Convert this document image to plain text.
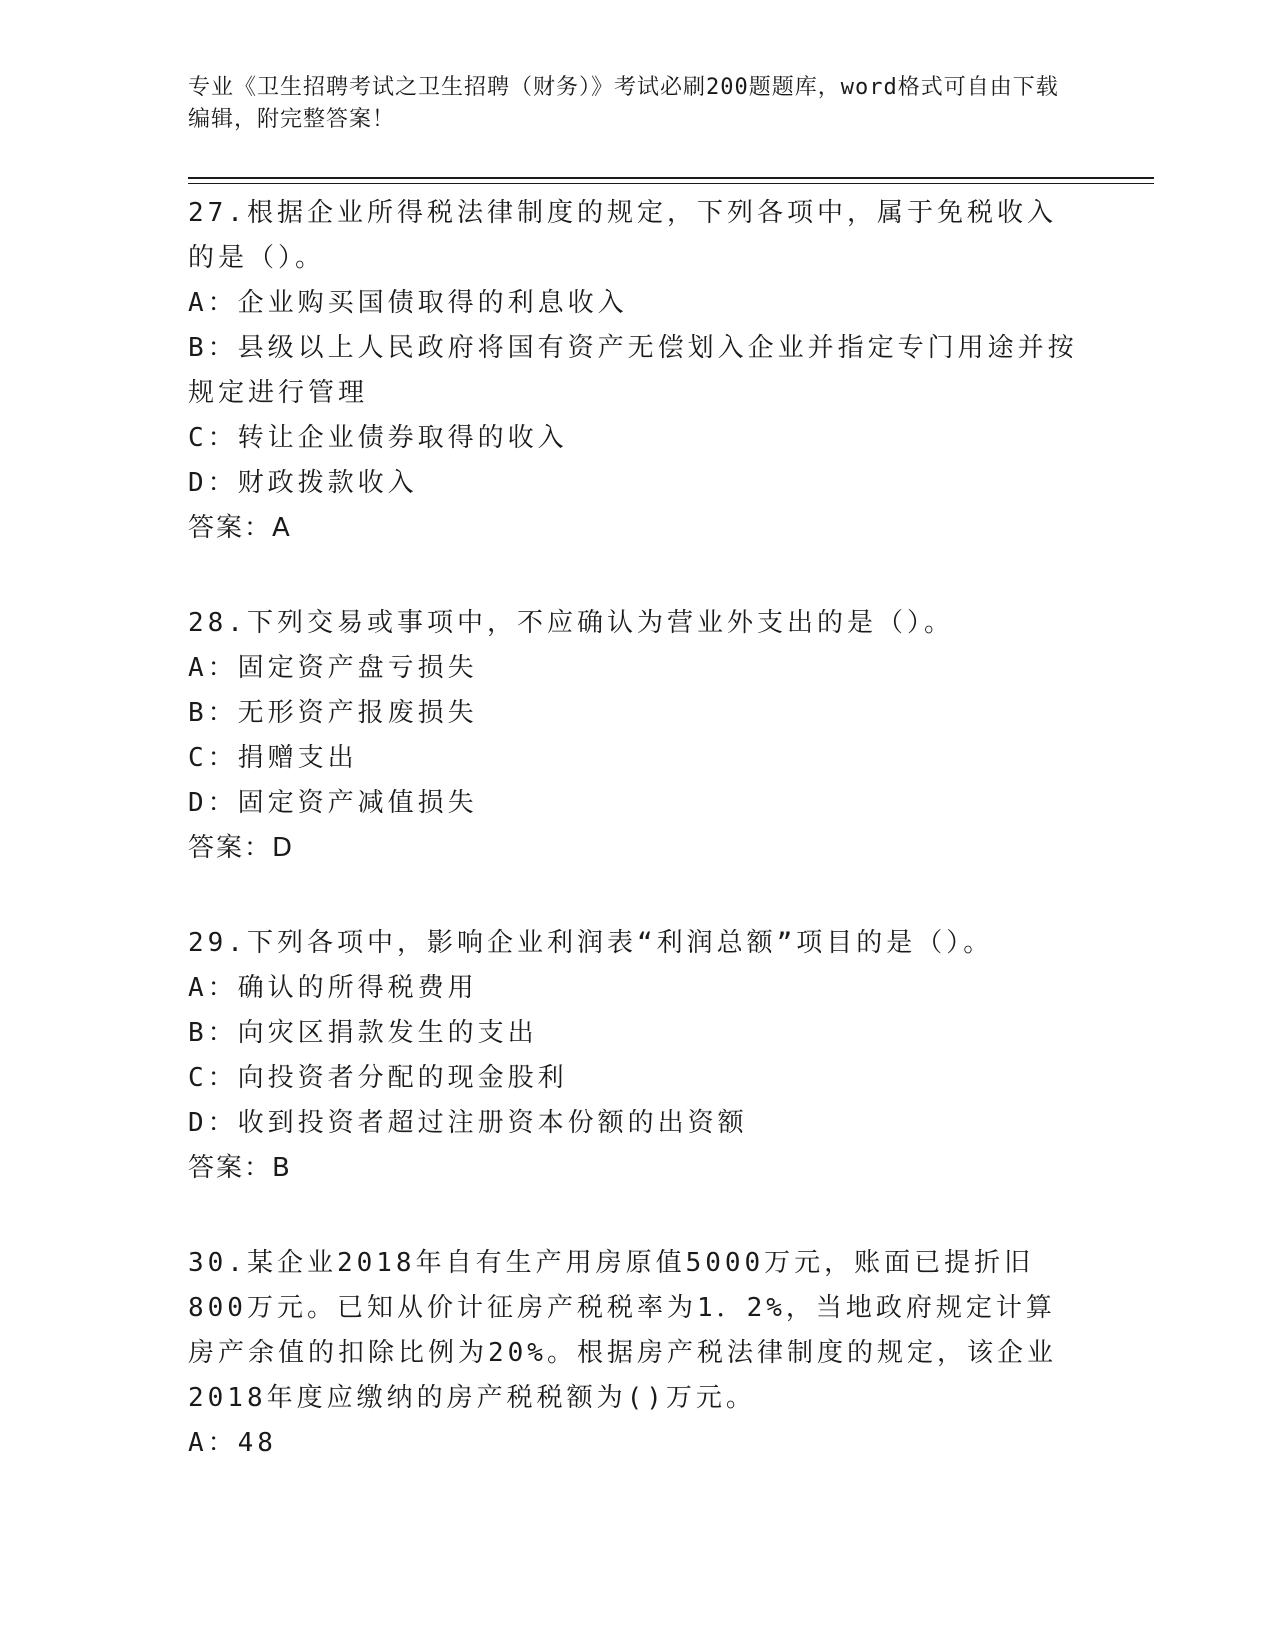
专业《卫生招聘考试之卫生招聘（财务）》考试必刷200题题库，word格式可自由下载编辑，附完整答案！

27.根据企业所得税法律制度的规定，下列各项中，属于免税收入的是（）。

A：企业购买国债取得的利息收入

B：县级以上人民政府将国有资产无偿划入企业并指定专门用途并按规定进行管理

C：转让企业债券取得的收入

D：财政拨款收入

答案：A

28.下列交易或事项中，不应确认为营业外支出的是（）。

A：固定资产盘亏损失

B：无形资产报废损失

C：捐赠支出

D：固定资产减值损失

答案：D

29.下列各项中，影响企业利润表“利润总额”项目的是（）。

A：确认的所得税费用

B：向灾区捐款发生的支出

C：向投资者分配的现金股利

D：收到投资者超过注册资本份额的出资额

答案：B

30.某企业2018年自有生产用房原值5000万元，账面已提折旧800万元。已知从价计征房产税税率为1．2%，当地政府规定计算房产余值的扣除比例为20%。根据房产税法律制度的规定，该企业2018年度应缴纳的房产税税额为()万元。

A：48
